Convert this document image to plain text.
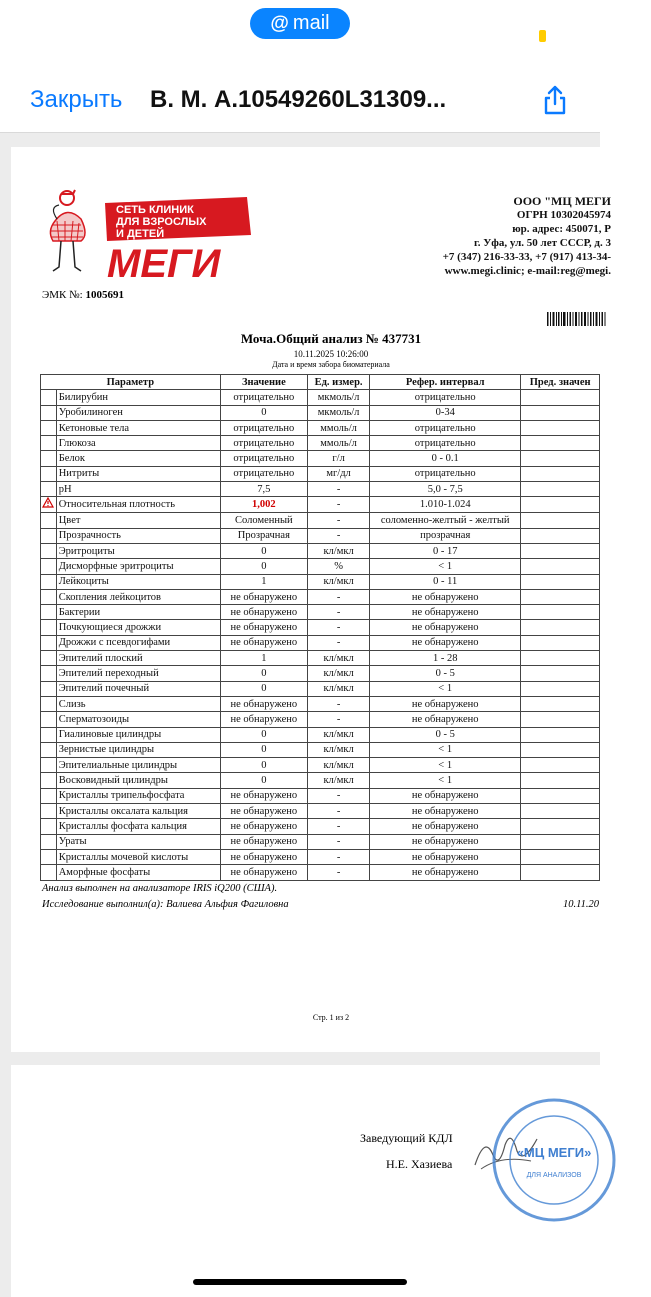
@ mail
Закрыть В. М. А.10549260L31309...
СЕТЬ КЛИНИК
ДЛЯ ВЗРОСЛЫХ
И ДЕТЕЙ
МЕГИ
ООО "МЦ МЕГИ
ОГРН 10302045974
юр. адрес: 450071, Р
г. Уфа, ул. 50 лет СССР, д. 3
+7 (347) 216-33-33, +7 (917) 413-34-
www.megi.clinic; e-mail:reg@megi.
ЭМК №: 1005691
Моча.Общий анализ № 437731
10.11.2025 10:26:00
Дата и время забора биоматериала
Параметр		Значение	Ед. измер.	Рефер. интервал	Пред. значен
	Билирубин	отрицательно	мкмоль/л	отрицательно	
	Уробилиноген	0	мкмоль/л	0-34	
	Кетоновые тела	отрицательно	ммоль/л	отрицательно	
	Глюкоза	отрицательно	ммоль/л	отрицательно	
	Белок	отрицательно	г/л	0 - 0.1	
	Нитриты	отрицательно	мг/дл	отрицательно	
	pH	7,5	-	5,0 - 7,5	
	Относительная плотность	1,002	-	1.010-1.024	
	Цвет	Соломенный	-	соломенно-желтый - желтый	
	Прозрачность	Прозрачная	-	прозрачная	
	Эритроциты	0	кл/мкл	0 - 17	
	Дисморфные эритроциты	0	%	< 1	
	Лейкоциты	1	кл/мкл	0 - 11	
	Скопления лейкоцитов	не обнаружено	-	не обнаружено	
	Бактерии	не обнаружено	-	не обнаружено	
	Почкующиеся дрожжи	не обнаружено	-	не обнаружено	
	Дрожжи с псевдогифами	не обнаружено	-	не обнаружено	
	Эпителий плоский	1	кл/мкл	1 - 28	
	Эпителий переходный	0	кл/мкл	0 - 5	
	Эпителий почечный	0	кл/мкл	< 1	
	Слизь	не обнаружено	-	не обнаружено	
	Сперматозоиды	не обнаружено	-	не обнаружено	
	Гиалиновые цилиндры	0	кл/мкл	0 - 5	
	Зернистые цилиндры	0	кл/мкл	< 1	
	Эпителиальные цилиндры	0	кл/мкл	< 1	
	Восковидный цилиндры	0	кл/мкл	< 1	
	Кристаллы трипельфосфата	не обнаружено	-	не обнаружено	
	Кристаллы оксалата кальция	не обнаружено	-	не обнаружено	
	Кристаллы фосфата кальция	не обнаружено	-	не обнаружено	
	Ураты	не обнаружено	-	не обнаружено	
	Кристаллы мочевой кислоты	не обнаружено	-	не обнаружено	
	Аморфные фосфаты	не обнаружено	-	не обнаружено	
Анализ выполнен на анализаторе IRIS iQ200 (США).
Исследование выполнил(а): Валиева Альфия Фагиловна	10.11.20
Стр. 1 из 2
Заведующий КДЛ
Н.Е. Хазиева
«МЦ МЕГИ»
ДЛЯ АНАЛИЗОВ
